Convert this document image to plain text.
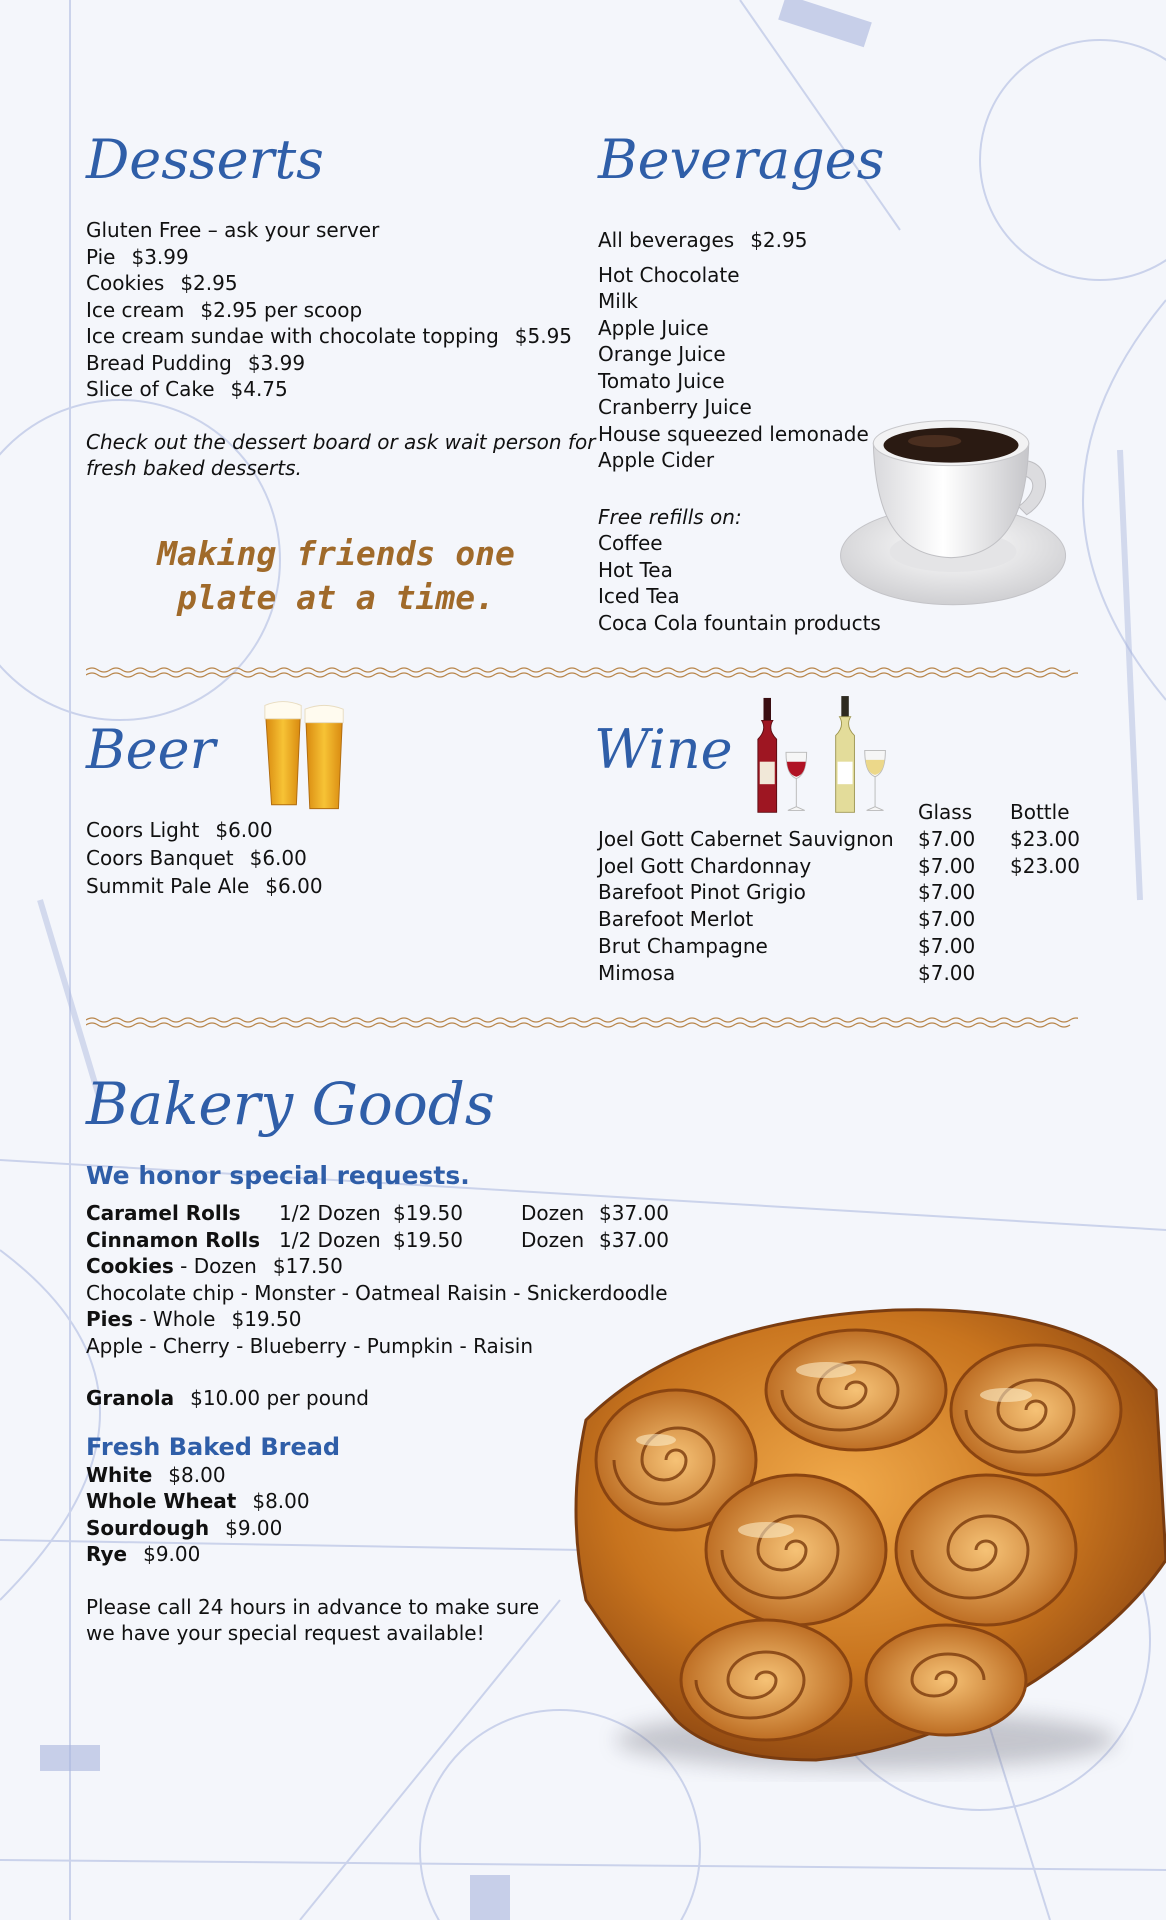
Desserts
Gluten Free – ask your server
Pie $3.99
Cookies $2.95
Ice cream $2.95 per scoop
Ice cream sundae with chocolate topping $5.95
Bread Pudding $3.99
Slice of Cake $4.75
Check out the dessert board or ask wait person for
fresh baked desserts.
Making friends one
plate at a time.
Beverages
All beverages $2.95
Hot Chocolate
Milk
Apple Juice
Orange Juice
Tomato Juice
Cranberry Juice
House squeezed lemonade
Apple Cider
Free refills on:
Coffee
Hot Tea
Iced Tea
Coca Cola fountain products
Beer
Coors Light $6.00
Coors Banquet $6.00
Summit Pale Ale $6.00
Wine
	Glass	Bottle
Joel Gott Cabernet Sauvignon	$7.00	$23.00
Joel Gott Chardonnay	$7.00	$23.00
Barefoot Pinot Grigio	$7.00	
Barefoot Merlot	$7.00	
Brut Champagne	$7.00	
Mimosa	$7.00	
Bakery Goods
We honor special requests.
Caramel Rolls	1/2 Dozen	$19.50	Dozen	$37.00
Cinnamon Rolls	1/2 Dozen	$19.50	Dozen	$37.00
Cookies - Dozen $17.50
Chocolate chip - Monster - Oatmeal Raisin - Snickerdoodle
Pies - Whole $19.50
Apple - Cherry - Blueberry - Pumpkin - Raisin
Granola $10.00 per pound
Fresh Baked Bread
White $8.00
Whole Wheat $8.00
Sourdough $9.00
Rye $9.00
Please call 24 hours in advance to make sure
we have your special request available!
